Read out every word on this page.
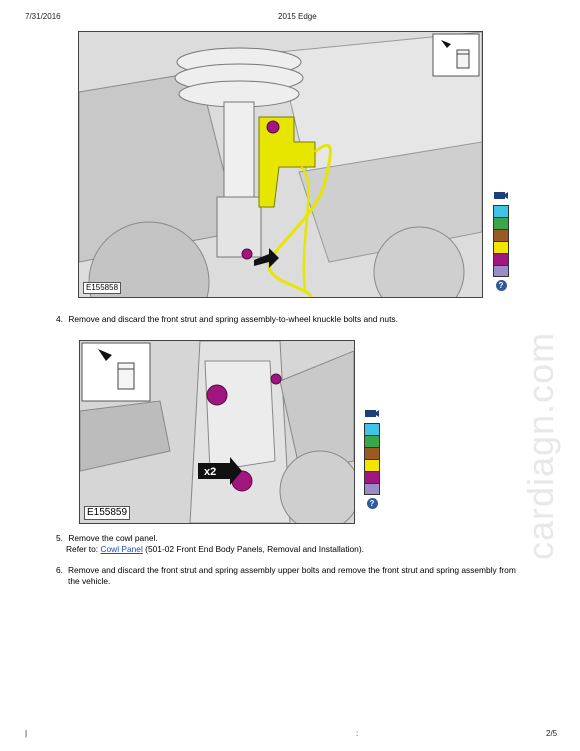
7/31/2016	2015 Edge
E155858	?
4. Remove and discard the front strut and spring assembly-to-wheel knuckle bolts and nuts.
x2
E155859
?
5. Remove the cowl panel.
Refer to: Cowl Panel (501-02 Front End Body Panels, Removal and Installation).
6. Remove and discard the front strut and spring assembly upper bolts and remove the front strut and spring assembly from the vehicle.
cardiagn.com
|	:	2/5
